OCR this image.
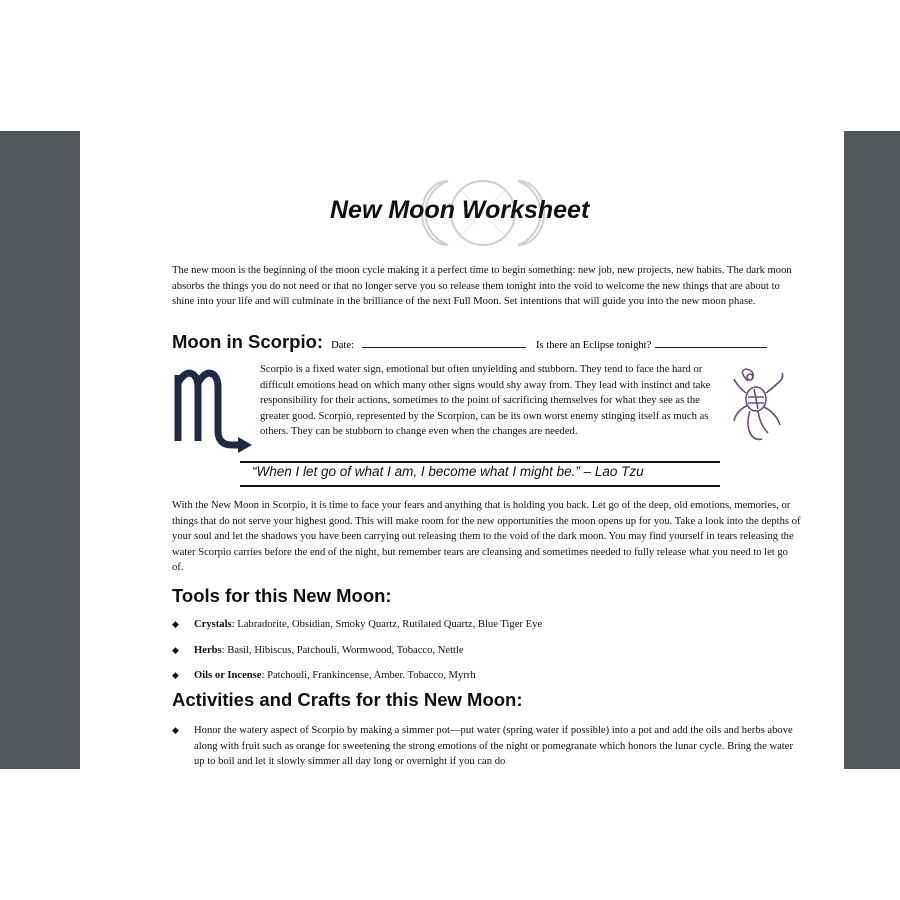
New Moon Worksheet
The new moon is the beginning of the moon cycle making it a perfect time to begin something: new job, new projects, new habits. The dark moon absorbs the things you do not need or that no longer serve you so release them tonight into the void to welcome the new things that are about to shine into your life and will culminate in the brilliance of the next Full Moon. Set intentions that will guide you into the new moon phase.
Moon in Scorpio: Date:	Is there an Eclipse tonight?
Scorpio is a fixed water sign, emotional but often unyielding and stubborn. They tend to face the hard or difficult emotions head on which many other signs would shy away from. They lead with instinct and take responsibility for their actions, sometimes to the point of sacrificing themselves for what they see as the greater good. Scorpio, represented by the Scorpion, can be its own worst enemy stinging itself as much as others. They can be stubborn to change even when the changes are needed.
“When I let go of what I am, I become what I might be.” – Lao Tzu
With the New Moon in Scorpio, it is time to face your fears and anything that is holding you back. Let go of the deep, old emotions, memories, or things that do not serve your highest good. This will make room for the new opportunities the moon opens up for you. Take a look into the depths of your soul and let the shadows you have been carrying out releasing them to the void of the dark moon. You may find yourself in tears releasing the water Scorpio carries before the end of the night, but remember tears are cleansing and sometimes needed to fully release what you need to let go of.
Tools for this New Moon:
◆ Crystals: Labradorite, Obsidian, Smoky Quartz, Rutilated Quartz, Blue Tiger Eye
◆ Herbs: Basil, Hibiscus, Patchouli, Wormwood, Tobacco, Nettle
◆ Oils or Incense: Patchouli, Frankincense, Amber. Tobacco, Myrrh
Activities and Crafts for this New Moon:
◆ Honor the watery aspect of Scorpio by making a simmer pot—put water (spring water if possible) into a pot and add the oils and herbs above along with fruit such as orange for sweetening the strong emotions of the night or pomegranate which honors the lunar cycle. Bring the water up to boil and let it slowly simmer all day long or overnight if you can do
